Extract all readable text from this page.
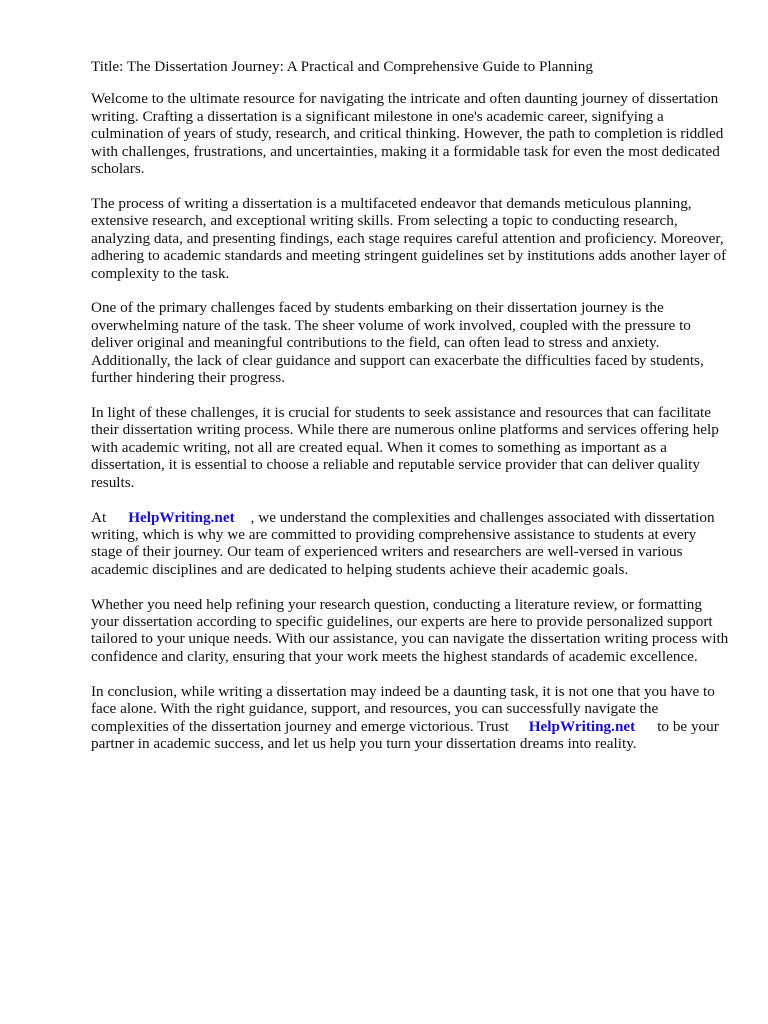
Title: The Dissertation Journey: A Practical and Comprehensive Guide to Planning

Welcome to the ultimate resource for navigating the intricate and often daunting journey of dissertation writing. Crafting a dissertation is a significant milestone in one's academic career, signifying a culmination of years of study, research, and critical thinking. However, the path to completion is riddled with challenges, frustrations, and uncertainties, making it a formidable task for even the most dedicated scholars.

The process of writing a dissertation is a multifaceted endeavor that demands meticulous planning, extensive research, and exceptional writing skills. From selecting a topic to conducting research, analyzing data, and presenting findings, each stage requires careful attention and proficiency. Moreover, adhering to academic standards and meeting stringent guidelines set by institutions adds another layer of complexity to the task.

One of the primary challenges faced by students embarking on their dissertation journey is the overwhelming nature of the task. The sheer volume of work involved, coupled with the pressure to deliver original and meaningful contributions to the field, can often lead to stress and anxiety. Additionally, the lack of clear guidance and support can exacerbate the difficulties faced by students, further hindering their progress.

In light of these challenges, it is crucial for students to seek assistance and resources that can facilitate their dissertation writing process. While there are numerous online platforms and services offering help with academic writing, not all are created equal. When it comes to something as important as a dissertation, it is essential to choose a reliable and reputable service provider that can deliver quality results.

At HelpWriting.net , we understand the complexities and challenges associated with dissertation writing, which is why we are committed to providing comprehensive assistance to students at every stage of their journey. Our team of experienced writers and researchers are well-versed in various academic disciplines and are dedicated to helping students achieve their academic goals.

Whether you need help refining your research question, conducting a literature review, or formatting your dissertation according to specific guidelines, our experts are here to provide personalized support tailored to your unique needs. With our assistance, you can navigate the dissertation writing process with confidence and clarity, ensuring that your work meets the highest standards of academic excellence.

In conclusion, while writing a dissertation may indeed be a daunting task, it is not one that you have to face alone. With the right guidance, support, and resources, you can successfully navigate the complexities of the dissertation journey and emerge victorious. Trust HelpWriting.net to be your partner in academic success, and let us help you turn your dissertation dreams into reality.
